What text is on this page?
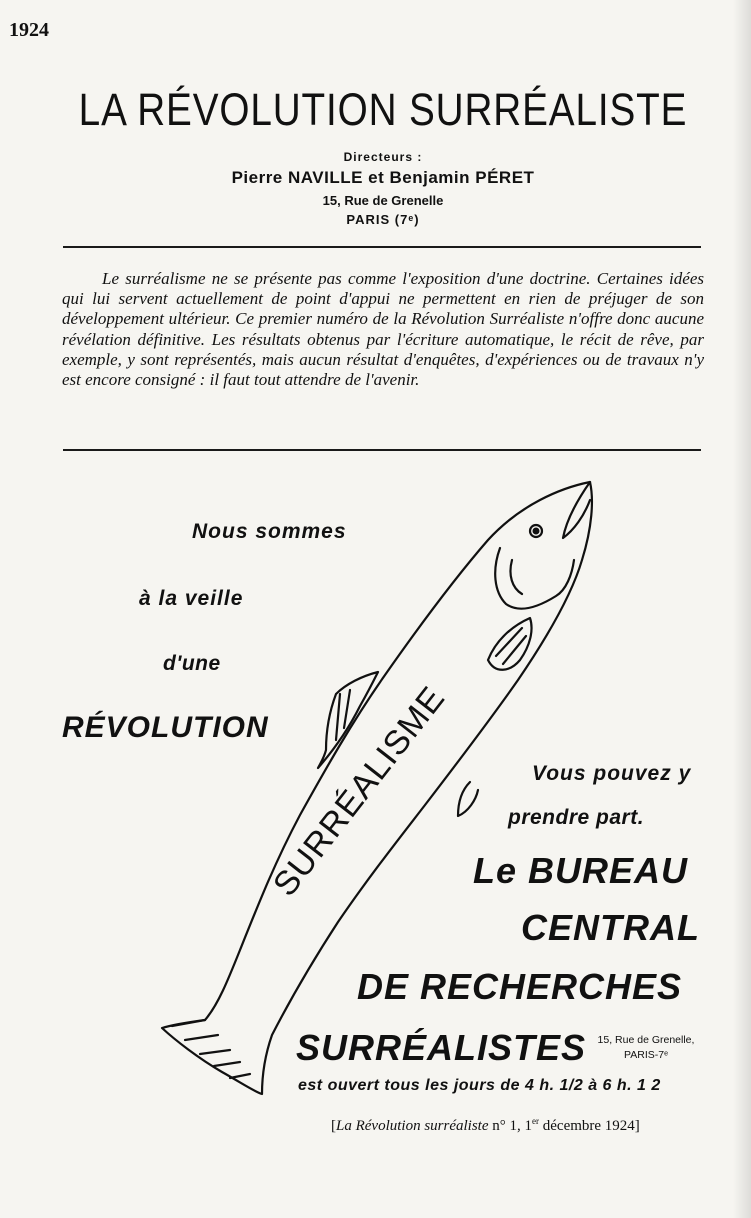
1924
LA RÉVOLUTION SURRÉALISTE
Directeurs :
Pierre NAVILLE et Benjamin PÉRET
15, Rue de Grenelle
PARIS (7ᵉ)
Le surréalisme ne se présente pas comme l'exposition d'une doctrine. Certaines idées qui lui servent actuellement de point d'appui ne permettent en rien de préjuger de son développement ultérieur. Ce premier numéro de la Révolution Surréaliste n'offre donc aucune révélation définitive. Les résultats obtenus par l'écriture automatique, le récit de rêve, par exemple, y sont représentés, mais aucun résultat d'enquêtes, d'expériences ou de travaux n'y est encore consigné : il faut tout attendre de l'avenir.
SURRÉALISME
Nous sommes
à la veille
d'une
RÉVOLUTION
Vous pouvez y
prendre part.
Le BUREAU
CENTRAL
DE RECHERCHES
SURRÉALISTES	15, Rue de Grenelle,
PARIS-7ᵉ
est ouvert tous les jours de 4 h. 1/2 à 6 h. 1 2
[La Révolution surréaliste n° 1, 1er décembre 1924]
